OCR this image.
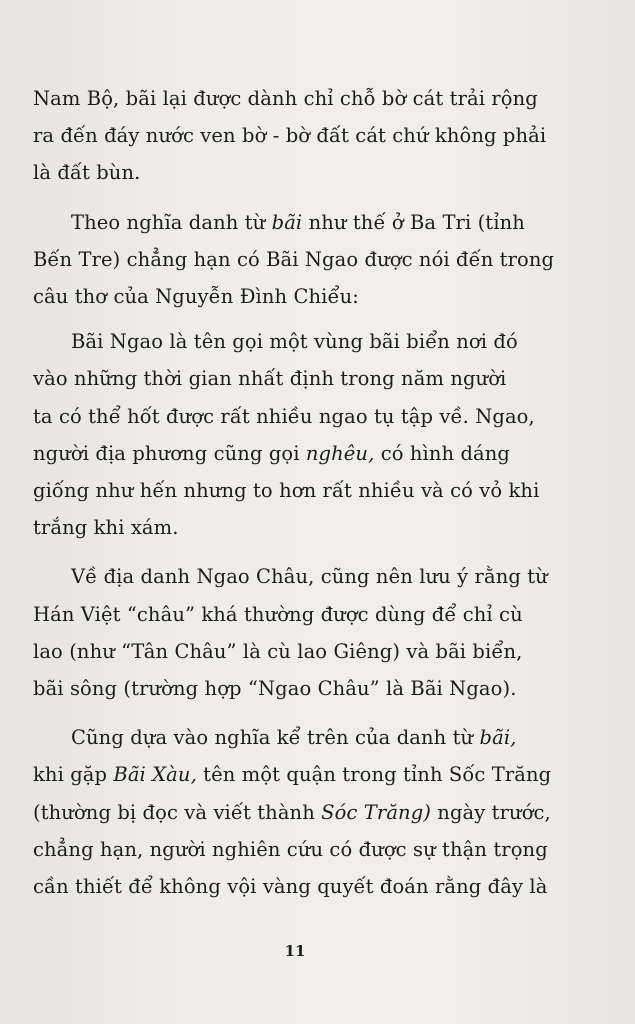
Nam Bộ, bãi lại được dành chỉ chỗ bờ cát trải rộng
ra đến đáy nước ven bờ - bờ đất cát chứ không phải
là đất bùn.

Theo nghĩa danh từ bãi như thế ở Ba Tri (tỉnh
Bến Tre) chẳng hạn có Bãi Ngao được nói đến trong
câu thơ của Nguyễn Đình Chiểu:

Bãi Ngao là tên gọi một vùng bãi biển nơi đó
vào những thời gian nhất định trong năm người
ta có thể hốt được rất nhiều ngao tụ tập về. Ngao,
người địa phương cũng gọi nghêu, có hình dáng
giống như hến nhưng to hơn rất nhiều và có vỏ khi
trắng khi xám.

Về địa danh Ngao Châu, cũng nên lưu ý rằng từ
Hán Việt “châu” khá thường được dùng để chỉ cù
lao (như “Tân Châu” là cù lao Giêng) và bãi biển,
bãi sông (trường hợp “Ngao Châu” là Bãi Ngao).

Cũng dựa vào nghĩa kể trên của danh từ bãi,
khi gặp Bãi Xàu, tên một quận trong tỉnh Sốc Trăng
(thường bị đọc và viết thành Sóc Trăng) ngày trước,
chẳng hạn, người nghiên cứu có được sự thận trọng
cần thiết để không vội vàng quyết đoán rằng đây là

11
